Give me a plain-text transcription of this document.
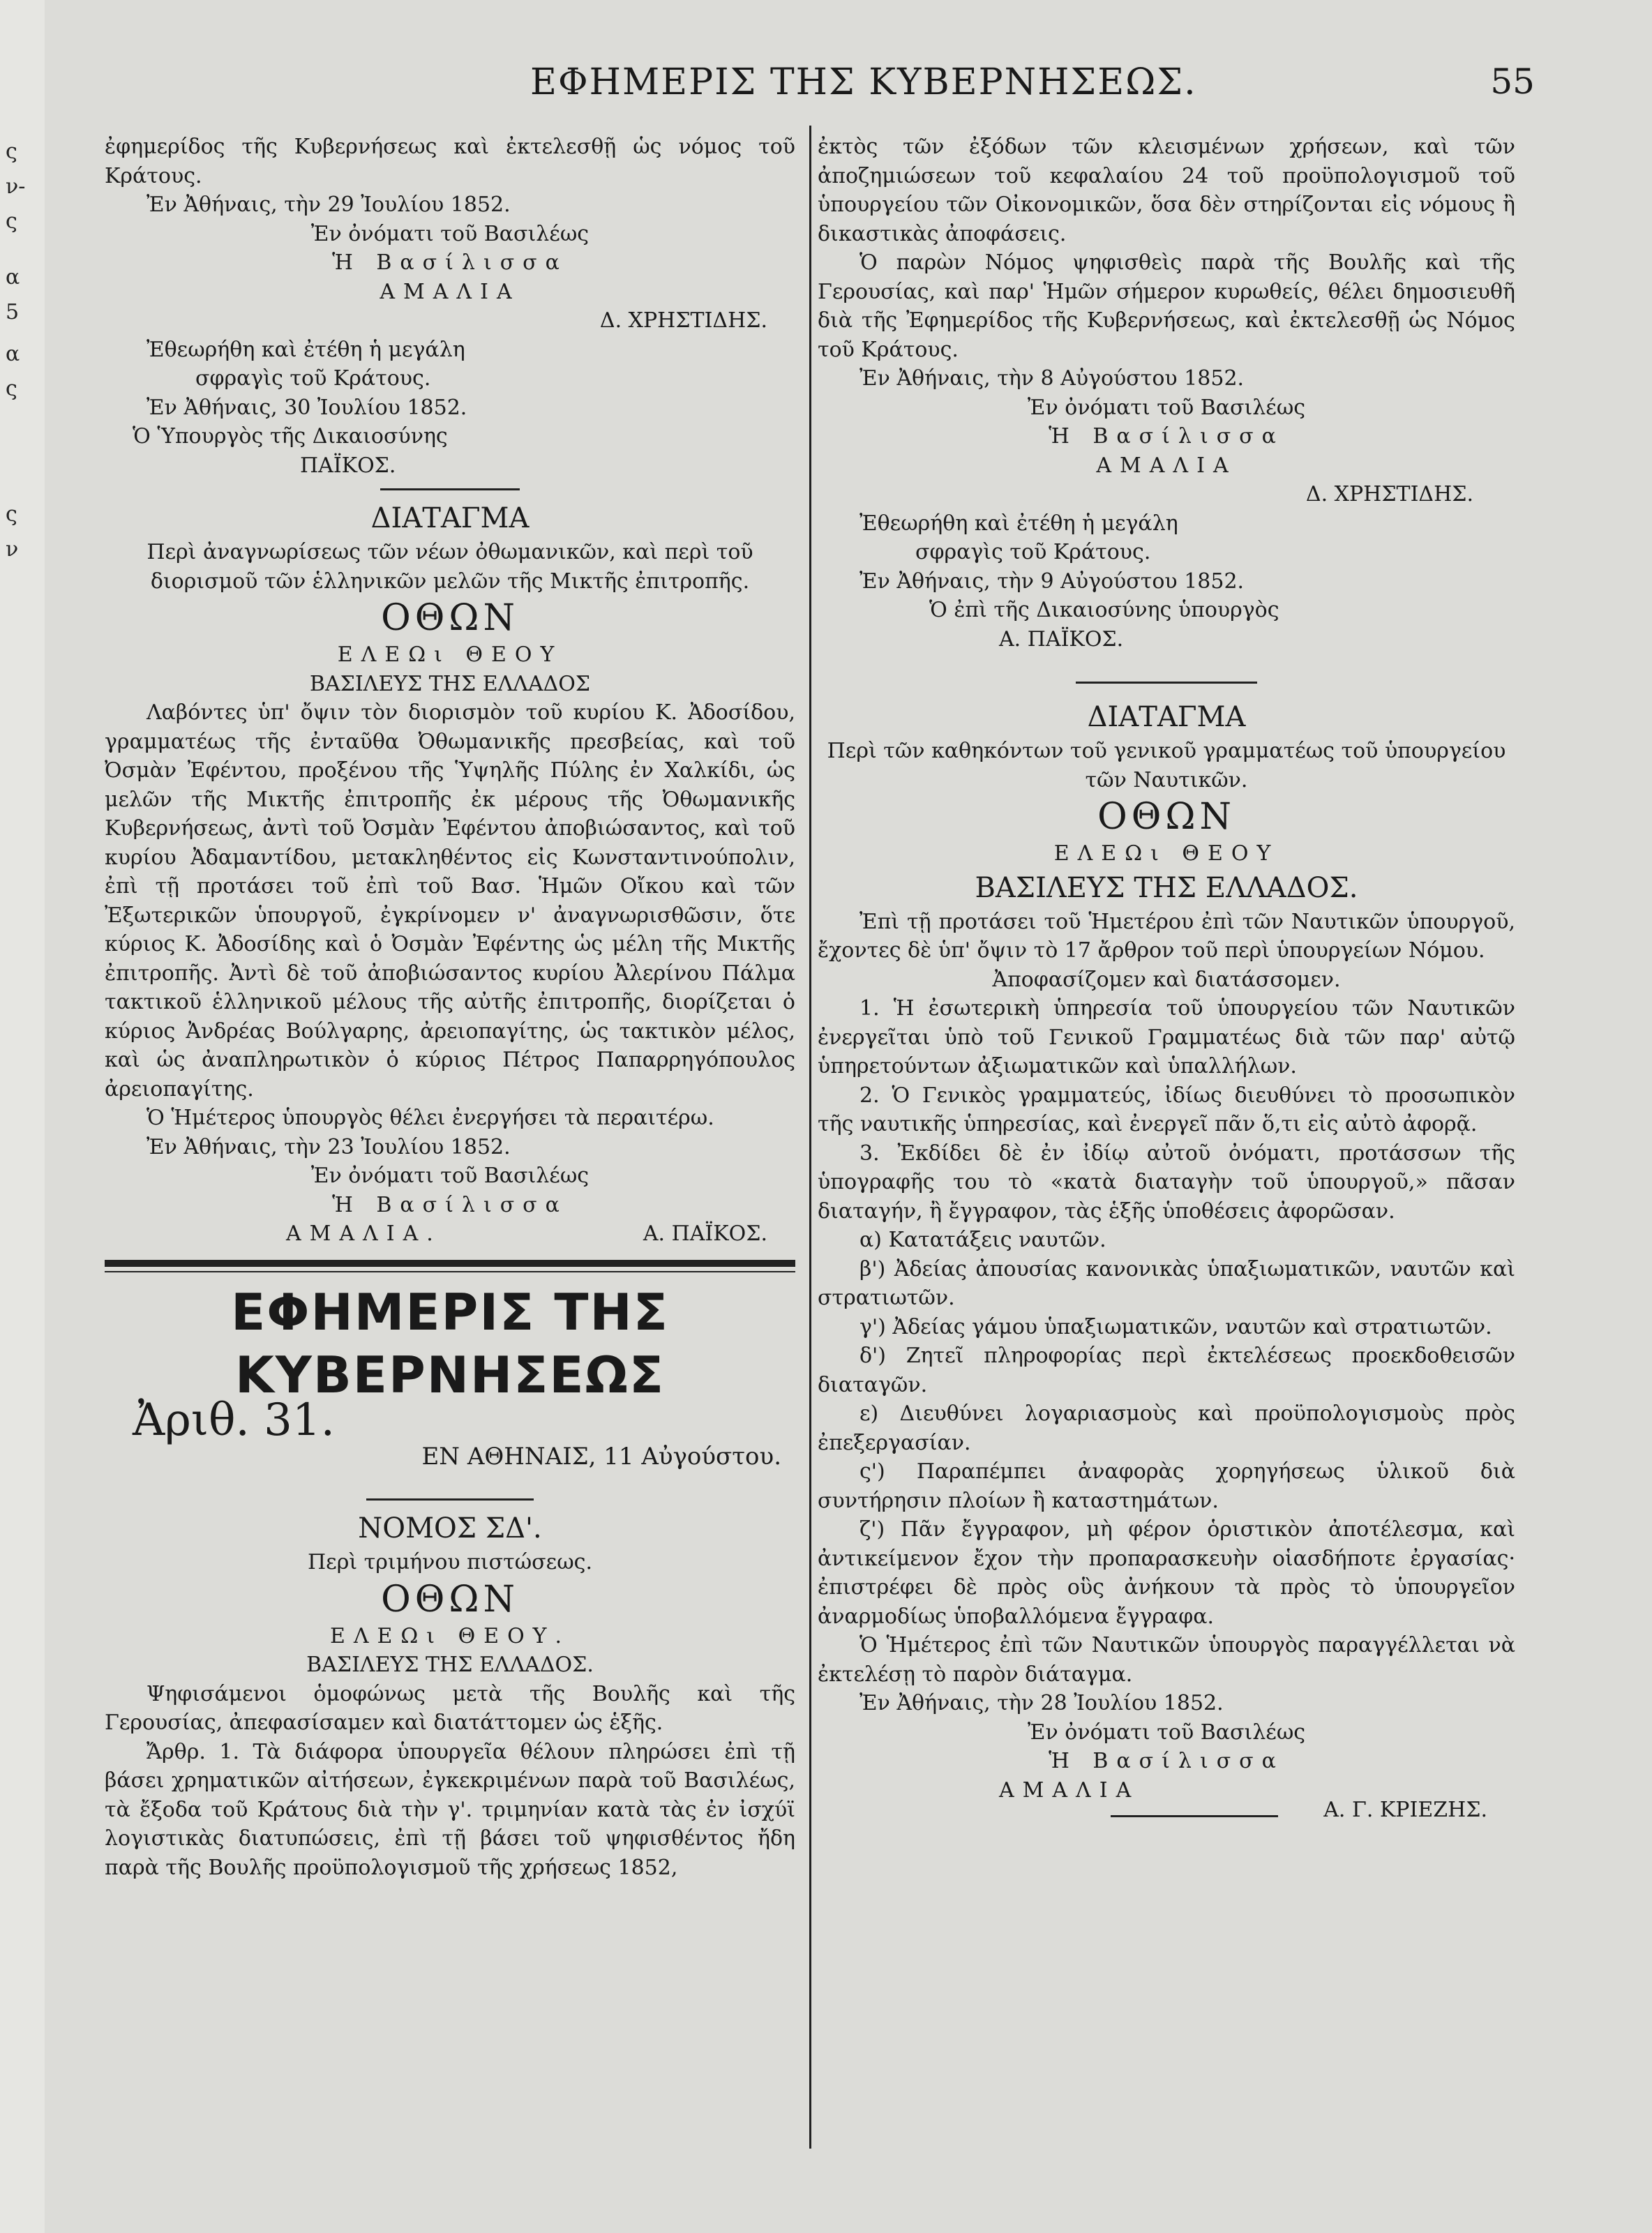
ς
ν-
ς
α
5
α
ς
ς
ν
ΕΦΗΜΕΡΙΣ ΤΗΣ ΚΥΒΕΡΝΗΣΕΩΣ.	55

ἐφημερίδος τῆς Κυβερνήσεως καὶ ἐκτελεσθῇ ὡς νόμος τοῦ Κράτους.

Ἐν Ἀθήναις, τὴν 29 Ἰουλίου 1852.

Ἐν ὀνόματι τοῦ Βασιλέως

Ἡ Βασίλισσα

ΑΜΑΛΙΑ

Δ. ΧΡΗΣΤΙΔΗΣ.

Ἐθεωρήθη καὶ ἐτέθη ἡ μεγάλη

σφραγὶς τοῦ Κράτους.

Ἐν Ἀθήναις, 30 Ἰουλίου 1852.

Ὁ Ὑπουργὸς τῆς Δικαιοσύνης

ΠΑΪΚΟΣ.

ΔΙΑΤΑΓΜΑ

Περὶ ἀναγνωρίσεως τῶν νέων ὀθωμανικῶν, καὶ περὶ τοῦ διορισμοῦ τῶν ἑλληνικῶν μελῶν τῆς Μικτῆς ἐπιτροπῆς.

ΟΘΩΝ

ΕΛΕΩι ΘΕΟΥ

ΒΑΣΙΛΕΥΣ ΤΗΣ ΕΛΛΑΔΟΣ

Λαβόντες ὑπ' ὄψιν τὸν διορισμὸν τοῦ κυρίου Κ. Ἀδοσίδου, γραμματέως τῆς ἐνταῦθα Ὀθωμανικῆς πρεσβείας, καὶ τοῦ Ὀσμὰν Ἐφέντου, προξένου τῆς Ὑψηλῆς Πύλης ἐν Χαλκίδι, ὡς μελῶν τῆς Μικτῆς ἐπιτροπῆς ἐκ μέρους τῆς Ὀθωμανικῆς Κυβερνήσεως, ἀντὶ τοῦ Ὀσμὰν Ἐφέντου ἀποβιώσαντος, καὶ τοῦ κυρίου Ἀδαμαντίδου, μετακληθέντος εἰς Κωνσταντινούπολιν, ἐπὶ τῇ προτάσει τοῦ ἐπὶ τοῦ Βασ. Ἡμῶν Οἴκου καὶ τῶν Ἐξωτερικῶν ὑπουργοῦ, ἐγκρίνομεν ν' ἀναγνωρισθῶσιν, ὅτε κύριος Κ. Ἀδοσίδης καὶ ὁ Ὀσμὰν Ἐφέντης ὡς μέλη τῆς Μικτῆς ἐπιτροπῆς. Ἀντὶ δὲ τοῦ ἀποβιώσαντος κυρίου Ἀλερίνου Πάλμα τακτικοῦ ἑλληνικοῦ μέλους τῆς αὐτῆς ἐπιτροπῆς, διορίζεται ὁ κύριος Ἀνδρέας Βούλγαρης, ἀρειοπαγίτης, ὡς τακτικὸν μέλος, καὶ ὡς ἀναπληρωτικὸν ὁ κύριος Πέτρος Παπαρρηγόπουλος ἀρειοπαγίτης.

Ὁ Ἡμέτερος ὑπουργὸς θέλει ἐνεργήσει τὰ περαιτέρω.

Ἐν Ἀθήναις, τὴν 23 Ἰουλίου 1852.

Ἐν ὀνόματι τοῦ Βασιλέως

Ἡ Βασίλισσα

ΑΜΑΛΙΑ.	Α. ΠΑΪΚΟΣ.
ΕΦΗΜΕΡΙΣ ΤΗΣ ΚΥΒΕΡΝΗΣΕΩΣ
Ἀριθ. 31.
ΕΝ ΑΘΗΝΑΙΣ, 11 Αὐγούστου.

ΝΟΜΟΣ ΣΔ'.

Περὶ τριμήνου πιστώσεως.

ΟΘΩΝ

ΕΛΕΩι ΘΕΟΥ.

ΒΑΣΙΛΕΥΣ ΤΗΣ ΕΛΛΑΔΟΣ.

Ψηφισάμενοι ὁμοφώνως μετὰ τῆς Βουλῆς καὶ τῆς Γερουσίας, ἀπεφασίσαμεν καὶ διατάττομεν ὡς ἑξῆς.

Ἄρθρ. 1. Τὰ διάφορα ὑπουργεῖα θέλουν πληρώσει ἐπὶ τῇ βάσει χρηματικῶν αἰτήσεων, ἐγκεκριμένων παρὰ τοῦ Βασιλέως, τὰ ἔξοδα τοῦ Κράτους διὰ τὴν γ'. τριμηνίαν κατὰ τὰς ἐν ἰσχύϊ λογιστικὰς διατυπώσεις, ἐπὶ τῇ βάσει τοῦ ψηφισθέντος ἤδη παρὰ τῆς Βουλῆς προϋπολογισμοῦ τῆς χρήσεως 1852,

ἐκτὸς τῶν ἐξόδων τῶν κλεισμένων χρήσεων, καὶ τῶν ἀποζημιώσεων τοῦ κεφαλαίου 24 τοῦ προϋπολογισμοῦ τοῦ ὑπουργείου τῶν Οἰκονομικῶν, ὅσα δὲν στηρίζονται εἰς νόμους ἢ δικαστικὰς ἀποφάσεις.

Ὁ παρὼν Νόμος ψηφισθεὶς παρὰ τῆς Βουλῆς καὶ τῆς Γερουσίας, καὶ παρ' Ἡμῶν σήμερον κυρωθείς, θέλει δημοσιευθῆ διὰ τῆς Ἐφημερίδος τῆς Κυβερνήσεως, καὶ ἐκτελεσθῇ ὡς Νόμος τοῦ Κράτους.

Ἐν Ἀθήναις, τὴν 8 Αὐγούστου 1852.

Ἐν ὀνόματι τοῦ Βασιλέως

Ἡ Βασίλισσα

ΑΜΑΛΙΑ

Δ. ΧΡΗΣΤΙΔΗΣ.

Ἐθεωρήθη καὶ ἐτέθη ἡ μεγάλη

σφραγὶς τοῦ Κράτους.

Ἐν Ἀθήναις, τὴν 9 Αὐγούστου 1852.

Ὁ ἐπὶ τῆς Δικαιοσύνης ὑπουργὸς

Α. ΠΑΪΚΟΣ.

ΔΙΑΤΑΓΜΑ

Περὶ τῶν καθηκόντων τοῦ γενικοῦ γραμματέως τοῦ ὑπουργείου τῶν Ναυτικῶν.

ΟΘΩΝ

ΕΛΕΩι ΘΕΟΥ

ΒΑΣΙΛΕΥΣ ΤΗΣ ΕΛΛΑΔΟΣ.

Ἐπὶ τῇ προτάσει τοῦ Ἡμετέρου ἐπὶ τῶν Ναυτικῶν ὑπουργοῦ, ἔχοντες δὲ ὑπ' ὄψιν τὸ 17 ἄρθρον τοῦ περὶ ὑπουργείων Νόμου.

Ἀποφασίζομεν καὶ διατάσσομεν.

1. Ἡ ἐσωτερικὴ ὑπηρεσία τοῦ ὑπουργείου τῶν Ναυτικῶν ἐνεργεῖται ὑπὸ τοῦ Γενικοῦ Γραμματέως διὰ τῶν παρ' αὐτῷ ὑπηρετούντων ἀξιωματικῶν καὶ ὑπαλλήλων.

2. Ὁ Γενικὸς γραμματεύς, ἰδίως διευθύνει τὸ προσωπικὸν τῆς ναυτικῆς ὑπηρεσίας, καὶ ἐνεργεῖ πᾶν ὅ,τι εἰς αὐτὸ ἀφορᾷ.

3. Ἐκδίδει δὲ ἐν ἰδίῳ αὐτοῦ ὀνόματι, προτάσσων τῆς ὑπογραφῆς του τὸ «κατὰ διαταγὴν τοῦ ὑπουργοῦ,» πᾶσαν διαταγήν, ἢ ἔγγραφον, τὰς ἑξῆς ὑποθέσεις ἀφορῶσαν.

α) Κατατάξεις ναυτῶν.

β') Ἀδείας ἀπουσίας κανονικὰς ὑπαξιωματικῶν, ναυτῶν καὶ στρατιωτῶν.

γ') Ἀδείας γάμου ὑπαξιωματικῶν, ναυτῶν καὶ στρατιωτῶν.

δ') Ζητεῖ πληροφορίας περὶ ἐκτελέσεως προεκδοθεισῶν διαταγῶν.

ε) Διευθύνει λογαριασμοὺς καὶ προϋπολογισμοὺς πρὸς ἐπεξεργασίαν.

ς') Παραπέμπει ἀναφορὰς χορηγήσεως ὑλικοῦ διὰ συντήρησιν πλοίων ἢ καταστημάτων.

ζ') Πᾶν ἔγγραφον, μὴ φέρον ὁριστικὸν ἀποτέλεσμα, καὶ ἀντικείμενον ἔχον τὴν προπαρασκευὴν οἱασδήποτε ἐργασίας· ἐπιστρέφει δὲ πρὸς οὓς ἀνήκουν τὰ πρὸς τὸ ὑπουργεῖον ἀναρμοδίως ὑποβαλλόμενα ἔγγραφα.

Ὁ Ἡμέτερος ἐπὶ τῶν Ναυτικῶν ὑπουργὸς παραγγέλλεται νὰ ἐκτελέσῃ τὸ παρὸν διάταγμα.

Ἐν Ἀθήναις, τὴν 28 Ἰουλίου 1852.

Ἐν ὀνόματι τοῦ Βασιλέως

Ἡ Βασίλισσα

ΑΜΑΛΙΑ
Α. Γ. ΚΡΙΕΖΗΣ.
